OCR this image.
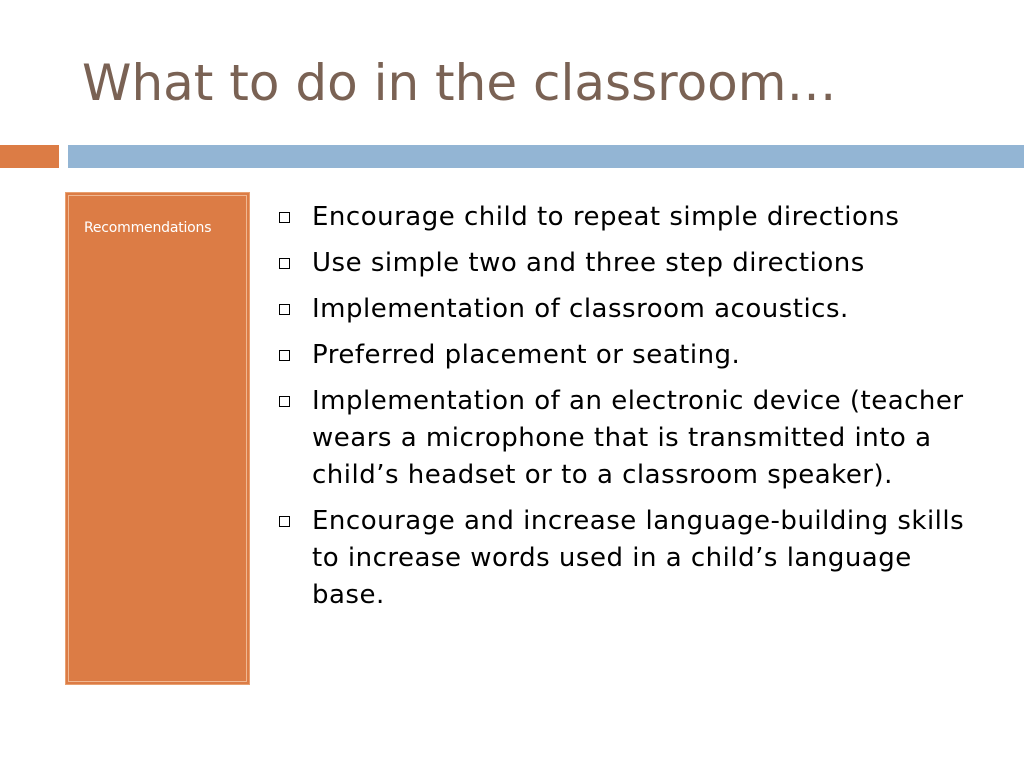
What to do in the classroom…
Recommendations	Encourage child to repeat simple directions
Use simple two and three step directions
Implementation of classroom acoustics.
Preferred placement or seating.
Implementation of an electronic device (teacher wears a microphone that is transmitted into a child’s headset or to a classroom speaker).
Encourage and increase language-building skills to increase words used in a child’s language base.
